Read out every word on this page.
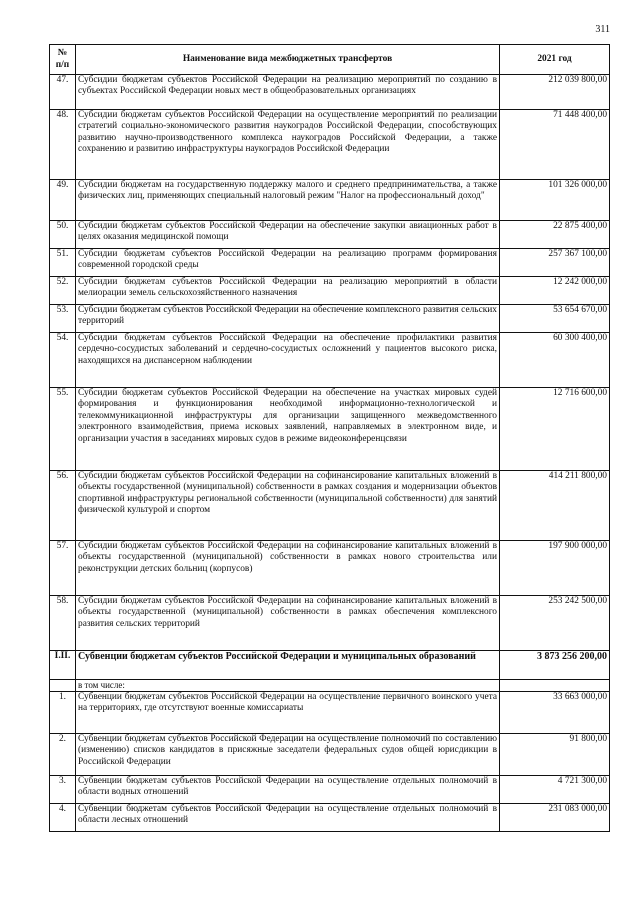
311
№ п/п	Наименование вида межбюджетных трансфертов	2021 год
47.	Субсидии бюджетам субъектов Российской Федерации на реализацию мероприятий по созданию в субъектах Российской Федерации новых мест в общеобразовательных организациях	212 039 800,00
48.	Субсидии бюджетам субъектов Российской Федерации на осуществление мероприятий по реализации стратегий социально-экономического развития наукоградов Российской Федерации, способствующих развитию научно-производственного комплекса наукоградов Российской Федерации, а также сохранению и развитию инфраструктуры наукоградов Российской Федерации	71 448 400,00
49.	Субсидии бюджетам на государственную поддержку малого и среднего предпринимательства, а также физических лиц, применяющих специальный налоговый режим "Налог на профессиональный доход"	101 326 000,00
50.	Субсидии бюджетам субъектов Российской Федерации на обеспечение закупки авиационных работ в целях оказания медицинской помощи	22 875 400,00
51.	Субсидии бюджетам субъектов Российской Федерации на реализацию программ формирования современной городской среды	257 367 100,00
52.	Субсидии бюджетам субъектов Российской Федерации на реализацию мероприятий в области мелиорации земель сельскохозяйственного назначения	12 242 000,00
53.	Субсидии бюджетам субъектов Российской Федерации на обеспечение комплексного развития сельских территорий	53 654 670,00
54.	Субсидии бюджетам субъектов Российской Федерации на обеспечение профилактики развития сердечно-сосудистых заболеваний и сердечно-сосудистых осложнений у пациентов высокого риска, находящихся на диспансерном наблюдении	60 300 400,00
55.	Субсидии бюджетам субъектов Российской Федерации на обеспечение на участках мировых судей формирования и функционирования необходимой информационно-технологической и телекоммуникационной инфраструктуры для организации защищенного межведомственного электронного взаимодействия, приема исковых заявлений, направляемых в электронном виде, и организации участия в заседаниях мировых судов в режиме видеоконференцсвязи	12 716 600,00
56.	Субсидии бюджетам субъектов Российской Федерации на софинансирование капитальных вложений в объекты государственной (муниципальной) собственности в рамках создания и модернизации объектов спортивной инфраструктуры региональной собственности (муниципальной собственности) для занятий физической культурой и спортом	414 211 800,00
57.	Субсидии бюджетам субъектов Российской Федерации на софинансирование капитальных вложений в объекты государственной (муниципальной) собственности в рамках нового строительства или реконструкции детских больниц (корпусов)	197 900 000,00
58.	Субсидии бюджетам субъектов Российской Федерации на софинансирование капитальных вложений в объекты государственной (муниципальной) собственности в рамках обеспечения комплексного развития сельских территорий	253 242 500,00
I.II.	Субвенции бюджетам субъектов Российской Федерации и муниципальных образований	3 873 256 200,00
	в том числе:	
1.	Субвенции бюджетам субъектов Российской Федерации на осуществление первичного воинского учета на территориях, где отсутствуют военные комиссариаты	33 663 000,00
2.	Субвенции бюджетам субъектов Российской Федерации на осуществление полномочий по составлению (изменению) списков кандидатов в присяжные заседатели федеральных судов общей юрисдикции в Российской Федерации	91 800,00
3.	Субвенции бюджетам субъектов Российской Федерации на осуществление отдельных полномочий в области водных отношений	4 721 300,00
4.	Субвенции бюджетам субъектов Российской Федерации на осуществление отдельных полномочий в области лесных отношений	231 083 000,00
